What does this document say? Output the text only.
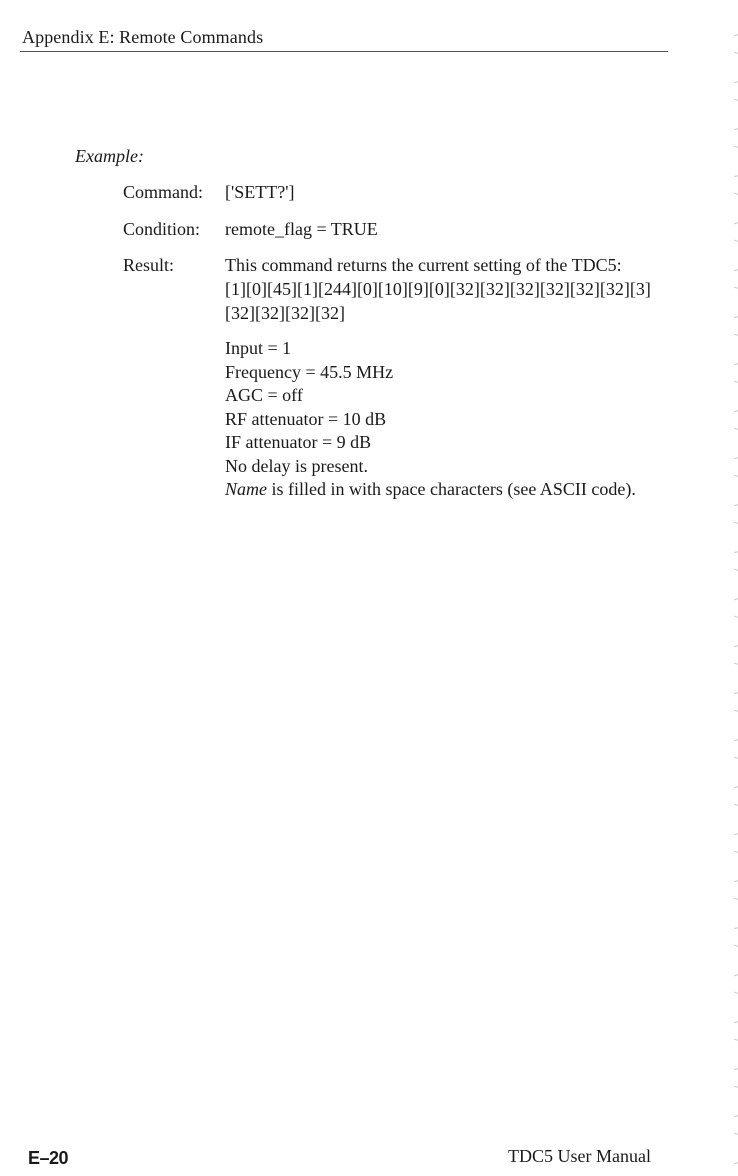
Appendix E: Remote Commands
Example:
Command: ['SETT?']
Condition: remote_flag = TRUE
Result:	This command returns the current setting of the TDC5:
[1][0][45][1][244][0][10][9][0][32][32][32][32][32][32][3]
[32][32][32][32]
Input = 1
Frequency = 45.5 MHz
AGC = off
RF attenuator = 10 dB
IF attenuator = 9 dB
No delay is present.
Name is filled in with space characters (see ASCII code).
E–20	TDC5 User Manual
